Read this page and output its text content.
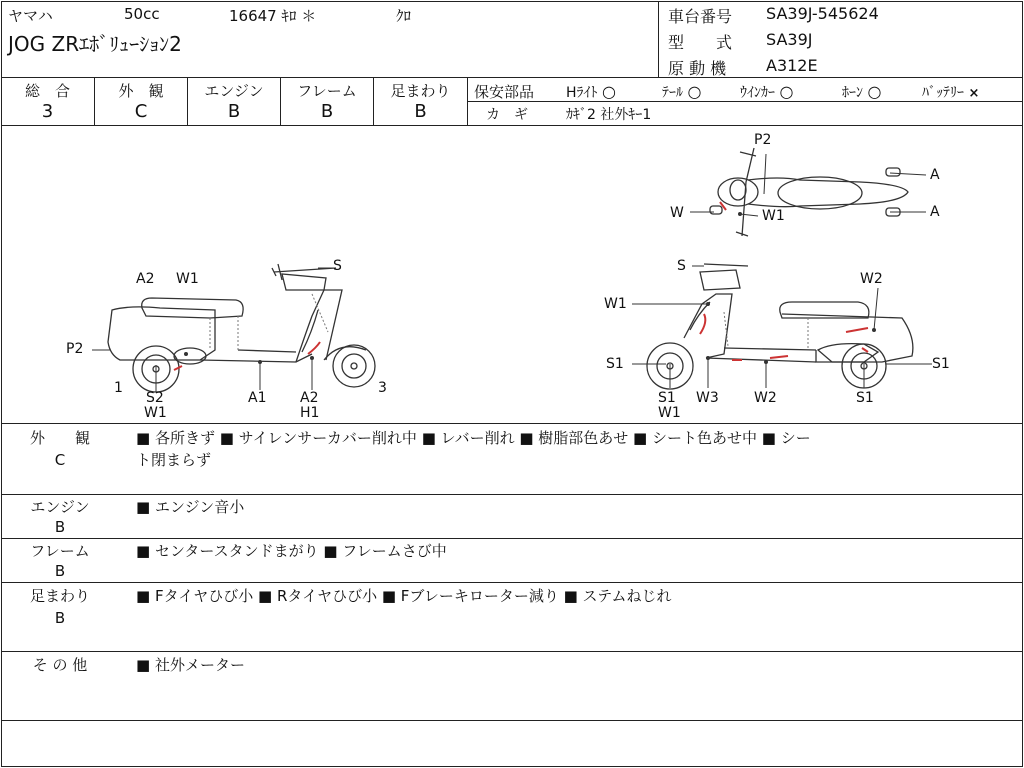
ヤマハ	50cc	16647 ｷﾛ ＊	ｸﾛ
JOG ZRｴﾎﾞﾘｭｰｼｮﾝ2
車台番号 SA39J-545624
型　　式 SA39J
原 動 機 A312E
総　合	外　観	エンジン	フレーム	足まわり
3	C	B	B	B
保安部品 Hﾗｲﾄ ○	ﾃｰﾙ ○	ｳｲﾝｶｰ ○	ﾎｰﾝ ○	ﾊﾞｯﾃﾘｰ ×
カ　ギ	ｶｷﾞ2 社外ｷｰ1
S
A2 W1
P2
1
S2
W1
A1 A2
H1
3
P2
A
A
W	W1
S
W2
W1
S1
S1
W1
W3	W2	S1
S1
外　　観
C
■ 各所きず ■ サイレンサーカバー削れ中 ■ レバー削れ ■ 樹脂部色あせ ■ シート色あせ中 ■ シー
ト閉まらず
エンジン
B
■ エンジン音小
フレーム
B
■ センタースタンドまがり ■ フレームさび中
足まわり
B
■ Fタイヤひび小 ■ Rタイヤひび小 ■ Fブレーキローター減り ■ ステムねじれ
そ の 他	■ 社外メーター
